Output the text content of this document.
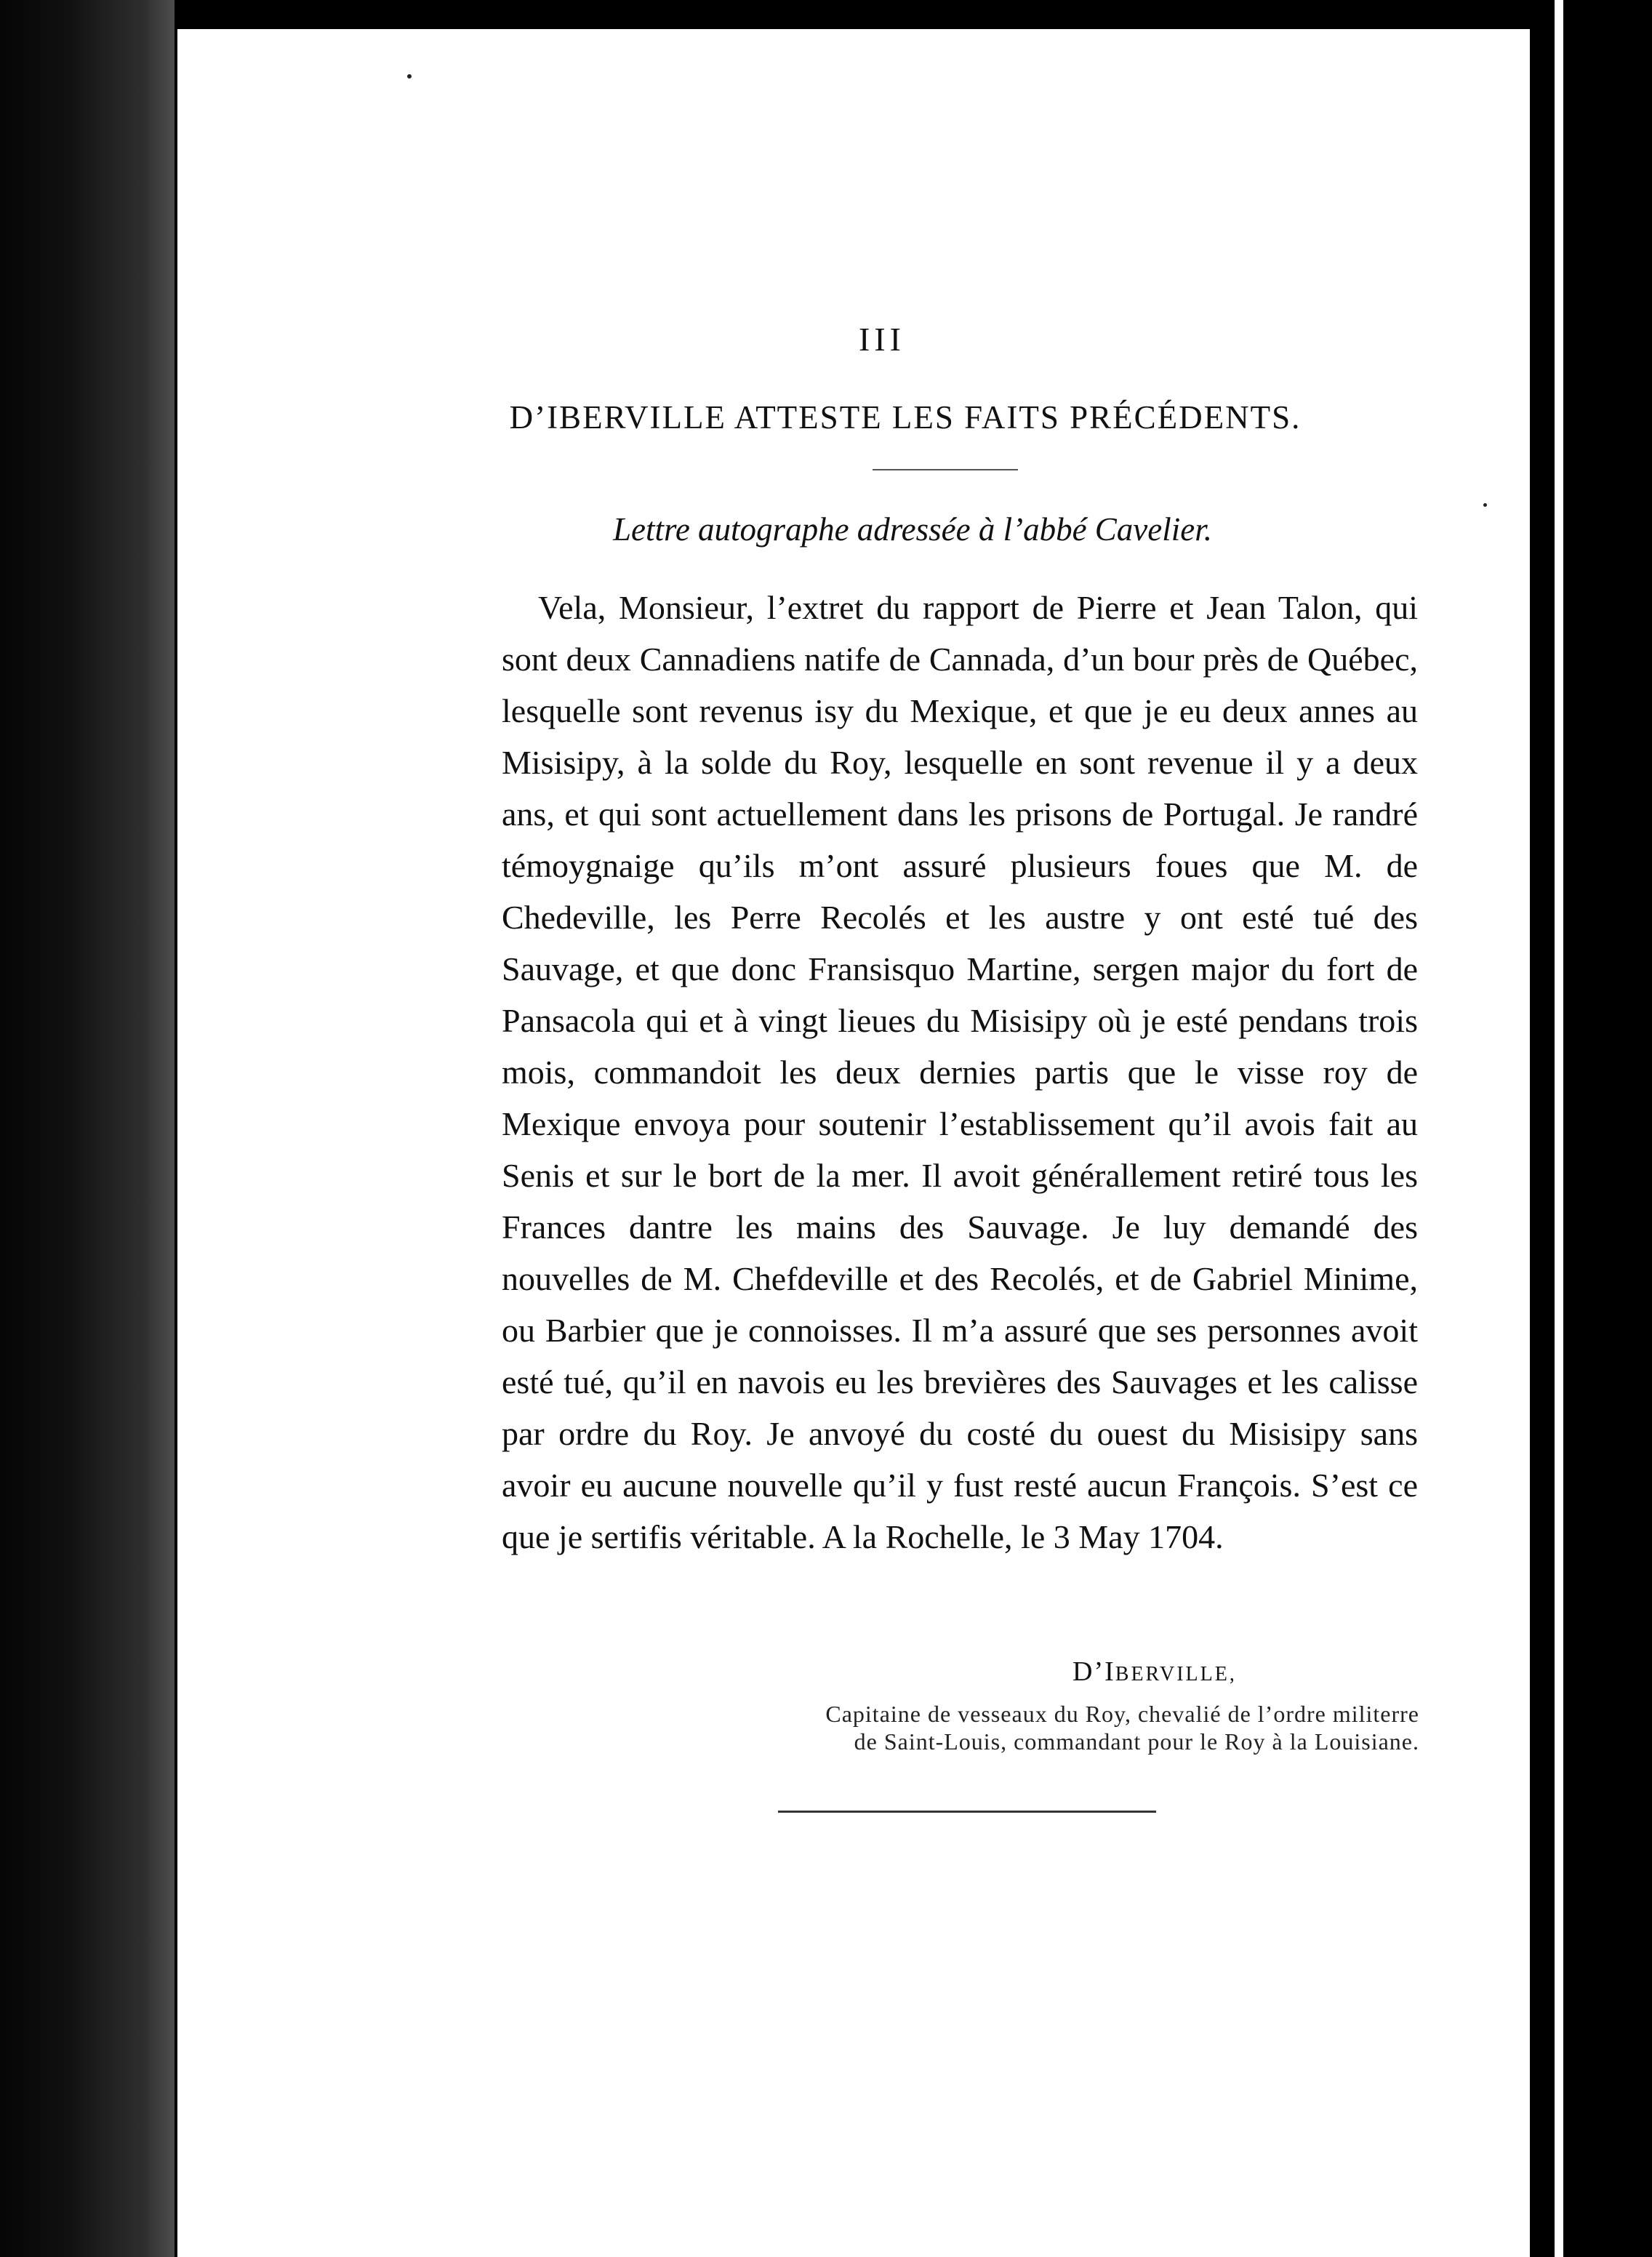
III
D’IBERVILLE ATTESTE LES FAITS PRÉCÉDENTS.
Lettre autographe adressée à l’abbé Cavelier.

Vela, Monsieur, l’extret du rapport de Pierre et Jean Talon, qui sont deux Cannadiens natife de Cannada, d’un bour près de Québec, lesquelle sont revenus isy du Mexique, et que je eu deux annes au Misisipy, à la solde du Roy, lesquelle en sont revenue il y a deux ans, et qui sont actuellement dans les prisons de Portugal. Je randré témoygnaige qu’ils m’ont assuré plusieurs foues que M. de Chedeville, les Perre Recolés et les austre y ont esté tué des Sauvage, et que donc Fransisquo Martine, sergen major du fort de Pansacola qui et à vingt lieues du Misisipy où je esté pendans trois mois, commandoit les deux dernies partis que le visse roy de Mexique envoya pour soutenir l’establissement qu’il avois fait au Senis et sur le bort de la mer. Il avoit générallement retiré tous les Frances dantre les mains des Sauvage. Je luy demandé des nouvelles de M. Chefdeville et des Recolés, et de Gabriel Minime, ou Barbier que je connoisses. Il m’a assuré que ses personnes avoit esté tué, qu’il en navois eu les brevières des Sauvages et les calisse par ordre du Roy. Je anvoyé du costé du ouest du Misisipy sans avoir eu aucune nouvelle qu’il y fust resté aucun François. S’est ce que je sertifis véritable. A la Rochelle, le 3 May 1704.

D’IBERVILLE,
Capitaine de vesseaux du Roy, chevalié de l’ordre militerre
de Saint-Louis, commandant pour le Roy à la Louisiane.
